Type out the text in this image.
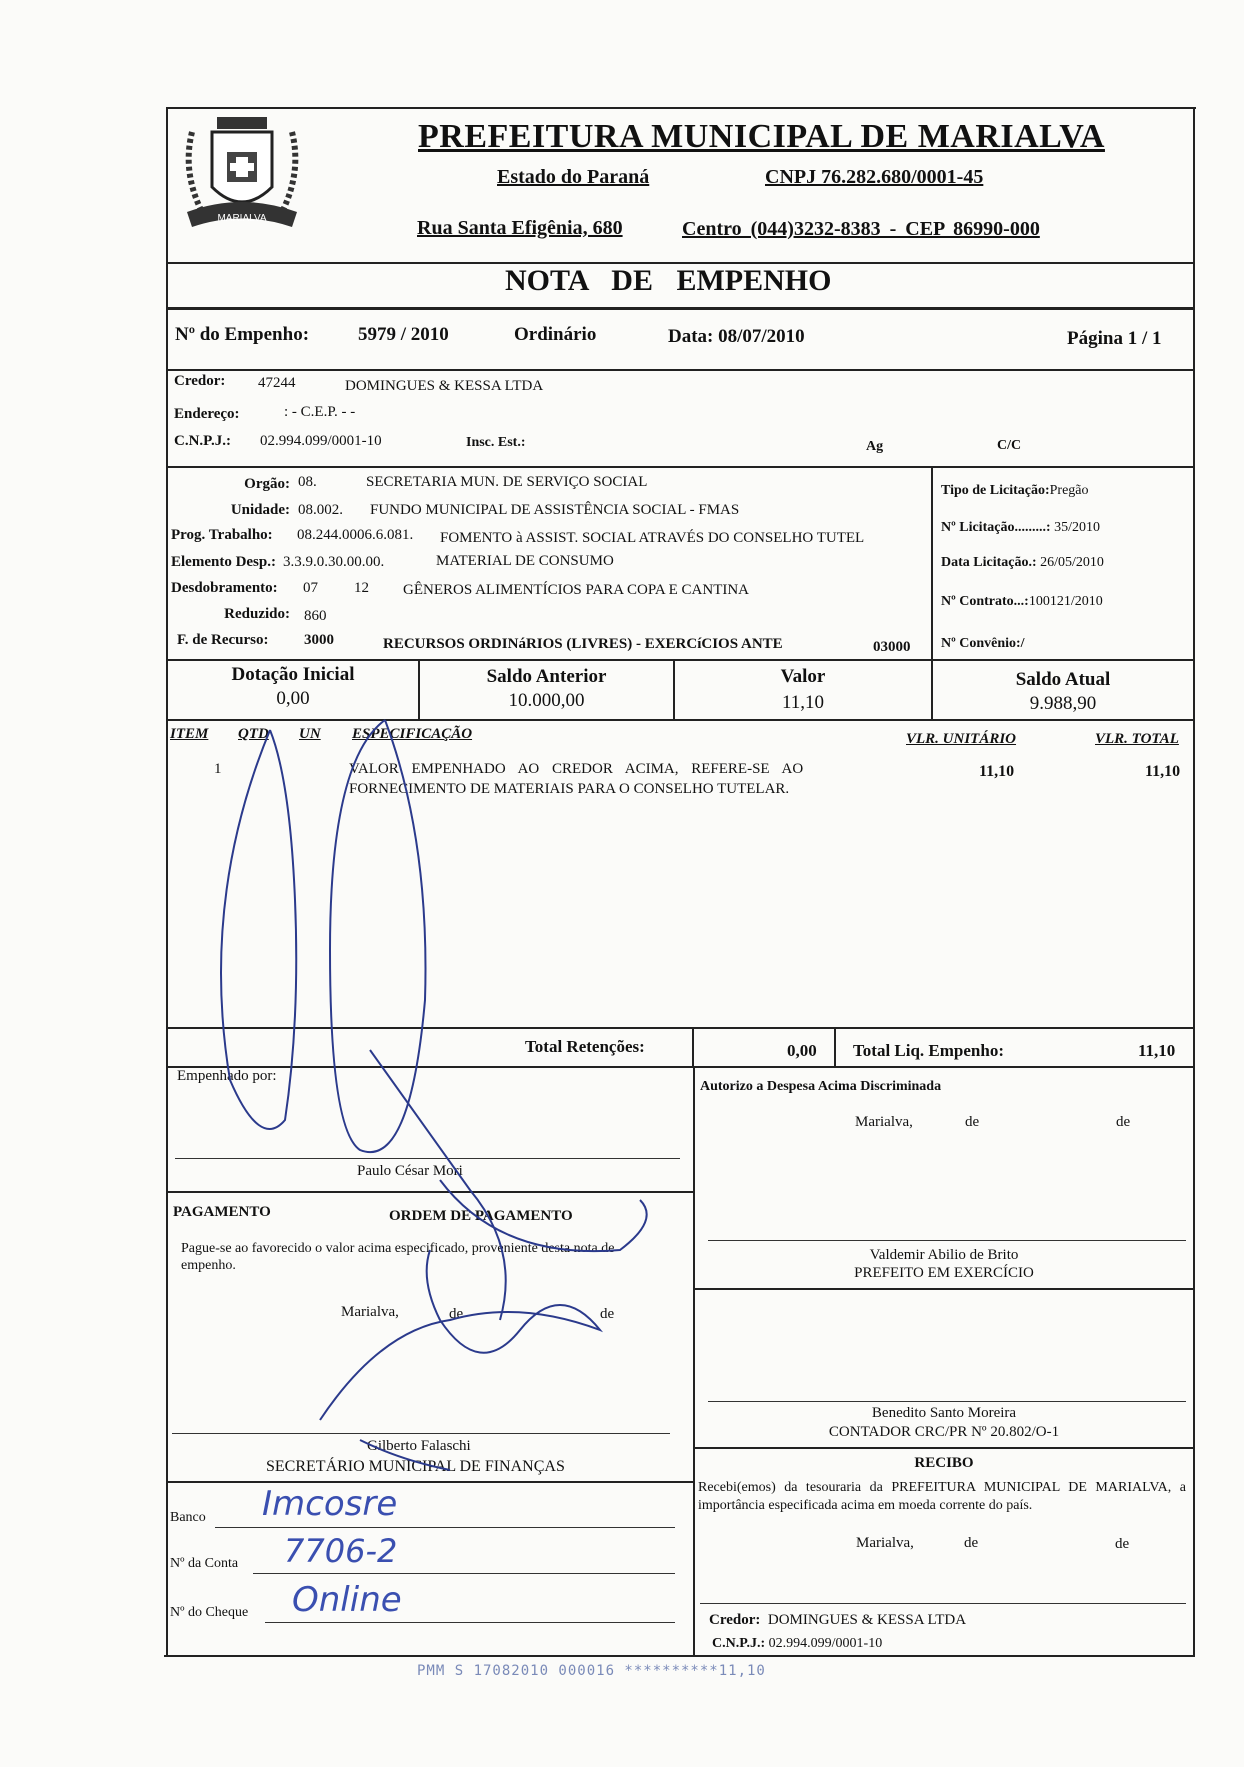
MARIALVA
PREFEITURA MUNICIPAL DE MARIALVA
Estado do Paraná	CNPJ 76.282.680/0001-45
Rua Santa Efigênia, 680	Centro (044)3232-8383 - CEP 86990-000
NOTA DE EMPENHO
Nº do Empenho:	5979 / 2010	Ordinário	Data: 08/07/2010	Página 1 / 1
Credor: 47244	DOMINGUES & KESSA LTDA
Endereço:	: - C.E.P. - -
C.N.P.J.: 02.994.099/0001-10	Insc. Est.:	Ag	C/C
Orgão: 08.	SECRETARIA MUN. DE SERVIÇO SOCIAL
Unidade: 08.002. FUNDO MUNICIPAL DE ASSISTÊNCIA SOCIAL - FMAS
Prog. Trabalho: 08.244.0006.6.081. FOMENTO à ASSIST. SOCIAL ATRAVÉS DO CONSELHO TUTEL
Elemento Desp.: 3.3.9.0.30.00.00.	MATERIAL DE CONSUMO
Desdobramento: 07 12 GÊNEROS ALIMENTÍCIOS PARA COPA E CANTINA
Reduzido: 860
F. de Recurso: 3000	RECURSOS ORDINáRIOS (LIVRES) - EXERCíCIOS ANTE	03000
Tipo de Licitação:Pregão
Nº Licitação.........: 35/2010
Data Licitação.: 26/05/2010
Nº Contrato...:100121/2010
Nº Convênio:/
Dotação Inicial
0,00
Saldo Anterior
10.000,00
Valor
11,10
Saldo Atual
9.988,90
ITEM QTD UN ESPECIFICAÇÃO	VLR. UNITÁRIO	VLR. TOTAL
1	VALOR EMPENHADO AO CREDOR ACIMA, REFERE-SE AO
FORNECIMENTO DE MATERIAIS PARA O CONSELHO TUTELAR.
11,10	11,10
Total Retenções:	0,00 Total Liq. Empenho:	11,10
Empenhado por:
Paulo César Mori
PAGAMENTO	ORDEM DE PAGAMENTO
Pague-se ao favorecido o valor acima especificado, proveniente desta nota de empenho.
Marialva,	de	de
Gilberto Falaschi
SECRETÁRIO MUNICIPAL DE FINANÇAS
Banco Imcosre
Nº da Conta 7706-2
Nº do Cheque Online
Autorizo a Despesa Acima Discriminada
Marialva,	de	de
Valdemir Abilio de Brito
PREFEITO EM EXERCÍCIO
Benedito Santo Moreira
CONTADOR CRC/PR Nº 20.802/O-1
RECIBO
Recebi(emos) da tesouraria da PREFEITURA MUNICIPAL DE MARIALVA, a importância especificada acima em moeda corrente do país.
Marialva,	de	de
Credor: DOMINGUES & KESSA LTDA
C.N.P.J.: 02.994.099/0001-10
PMM S 17082010 000016 **********11,10
